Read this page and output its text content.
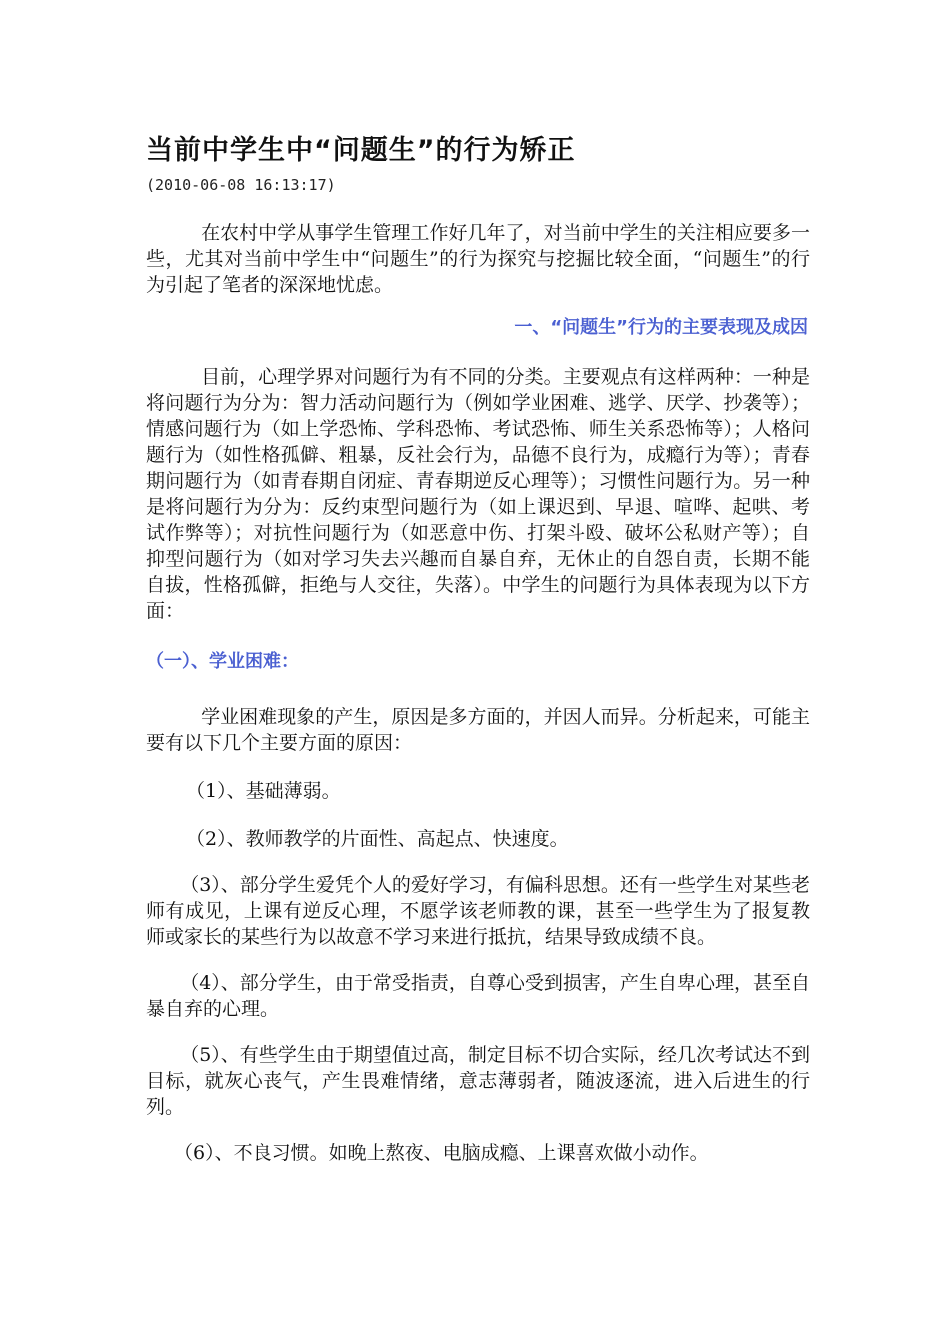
当前中学生中“问题生”的行为矫正
(2010-06-08 16:13:17)

在农村中学从事学生管理工作好几年了，对当前中学生的关注相应要多一些，尤其对当前中学生中“问题生”的行为探究与挖掘比较全面，“问题生”的行为引起了笔者的深深地忧虑。

一、“问题生”行为的主要表现及成因

目前，心理学界对问题行为有不同的分类。主要观点有这样两种：一种是将问题行为分为：智力活动问题行为（例如学业困难、逃学、厌学、抄袭等）；情感问题行为（如上学恐怖、学科恐怖、考试恐怖、师生关系恐怖等）；人格问题行为（如性格孤僻、粗暴，反社会行为，品德不良行为，成瘾行为等）；青春期问题行为（如青春期自闭症、青春期逆反心理等）；习惯性问题行为。另一种是将问题行为分为：反约束型问题行为（如上课迟到、早退、喧哗、起哄、考试作弊等）；对抗性问题行为（如恶意中伤、打架斗殴、破坏公私财产等）；自抑型问题行为（如对学习失去兴趣而自暴自弃，无休止的自怨自责，长期不能自拔，性格孤僻，拒绝与人交往，失落）。中学生的问题行为具体表现为以下方面：

（一）、学业困难：

学业困难现象的产生，原因是多方面的，并因人而异。分析起来，可能主要有以下几个主要方面的原因：

（1）、基础薄弱。

（2）、教师教学的片面性、高起点、快速度。

（3）、部分学生爱凭个人的爱好学习，有偏科思想。还有一些学生对某些老师有成见，上课有逆反心理，不愿学该老师教的课，甚至一些学生为了报复教师或家长的某些行为以故意不学习来进行抵抗，结果导致成绩不良。

（4）、部分学生，由于常受指责，自尊心受到损害，产生自卑心理，甚至自暴自弃的心理。

（5）、有些学生由于期望值过高，制定目标不切合实际，经几次考试达不到目标，就灰心丧气，产生畏难情绪，意志薄弱者，随波逐流，进入后进生的行列。

（6）、不良习惯。如晚上熬夜、电脑成瘾、上课喜欢做小动作。
